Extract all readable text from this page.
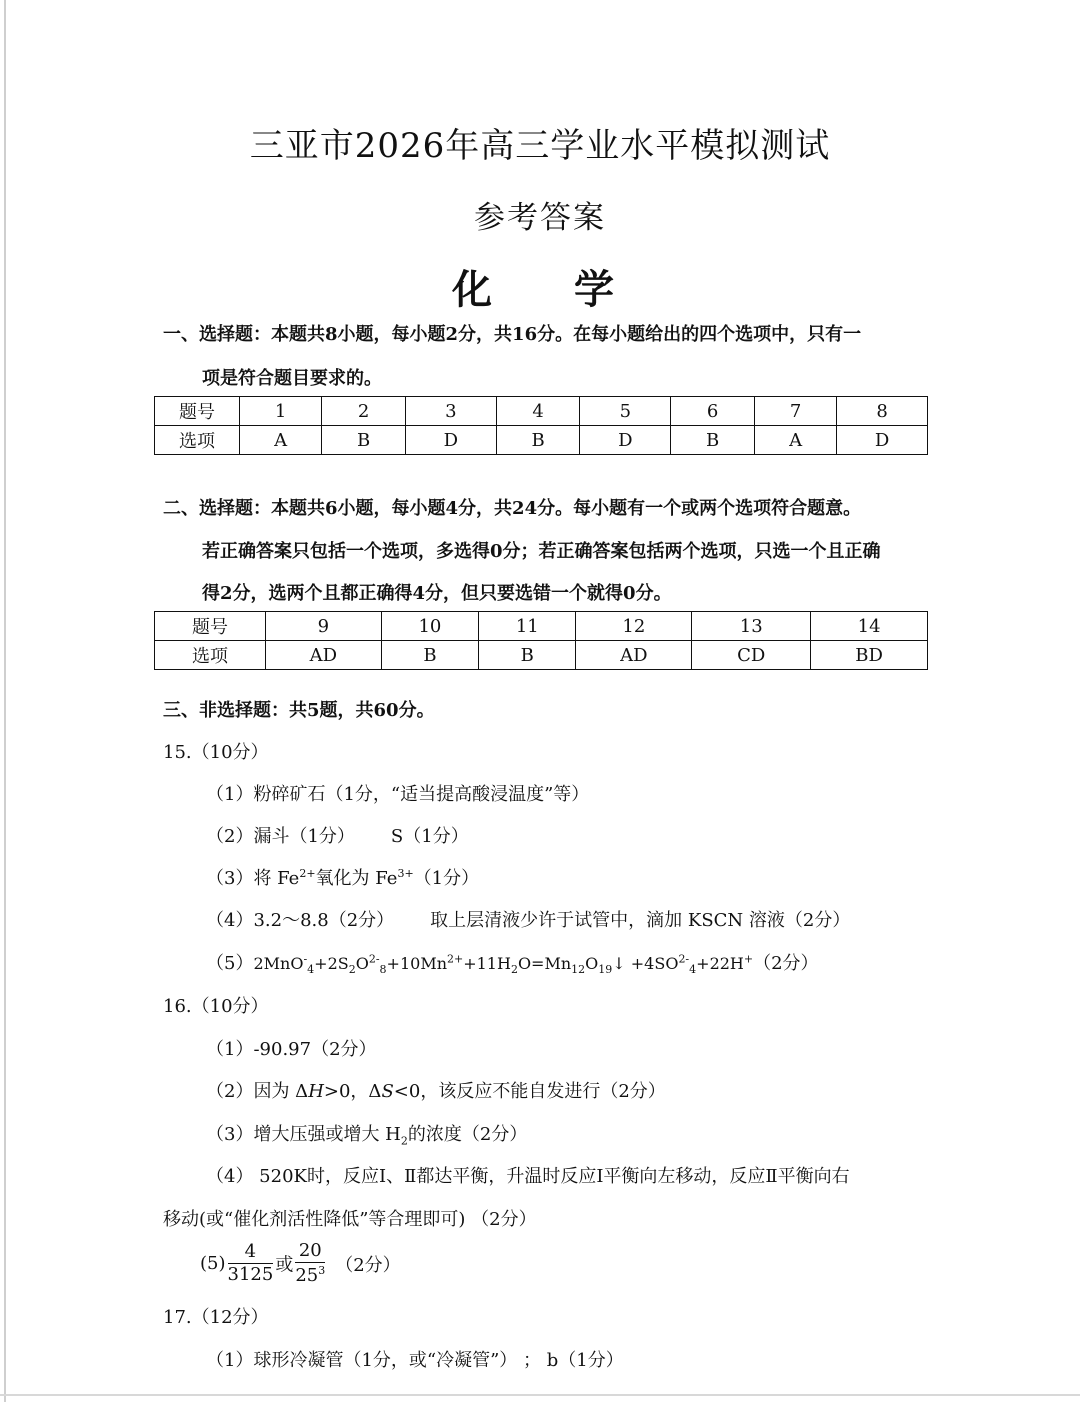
三亚市2026年高三学业水平模拟测试
参考答案
化 学
一、选择题：本题共8小题，每小题2分，共16分。在每小题给出的四个选项中，只有一
项是符合题目要求的。
题号	1	2	3	4	5	6	7	8
选项	A	B	D	B	D	B	A	D
二、选择题：本题共6小题，每小题4分，共24分。每小题有一个或两个选项符合题意。
若正确答案只包括一个选项，多选得0分；若正确答案包括两个选项，只选一个且正确
得2分，选两个且都正确得4分，但只要选错一个就得0分。
题号	9	10	11	12	13	14
选项	AD	B	B	AD	CD	BD
三、非选择题：共5题，共60分。
15.（10分）
（1）粉碎矿石（1分，“适当提高酸浸温度”等）
（2）漏斗（1分） S（1分）
（3）将 $Fe^{2+}$氧化为 $Fe^{3+}(1$分）
（4）3.2～8.8（2分） 取上层清液少许于试管中，滴加 KSCN 溶液（2分）
$(5)2MnO^-_4+2S_2O^{2-}_8+10Mn^{2+}+11H_2O=Mn_{12}O_{19}↓ +4SO^{2-}_4+22H^+(2$分）
16.（10分）
（1）-90.97（2分）
（2）因为 ΔH>0，ΔS<0，该反应不能自发进行（2分）
（3）增大压强或增大 $H_2$的浓度（2分）
（4） 520K时，反应Ⅰ、Ⅱ都达平衡，升温时反应Ⅰ平衡向左移动，反应Ⅱ平衡向右
移动(或“催化剂活性降低”等合理即可) （2分）
$(5) \frac{4}{3125}$ 或 $\frac{20}{25^3} (2$分）
17.（12分）
（1）球形冷凝管（1分，或“冷凝管”） ； b（1分）
